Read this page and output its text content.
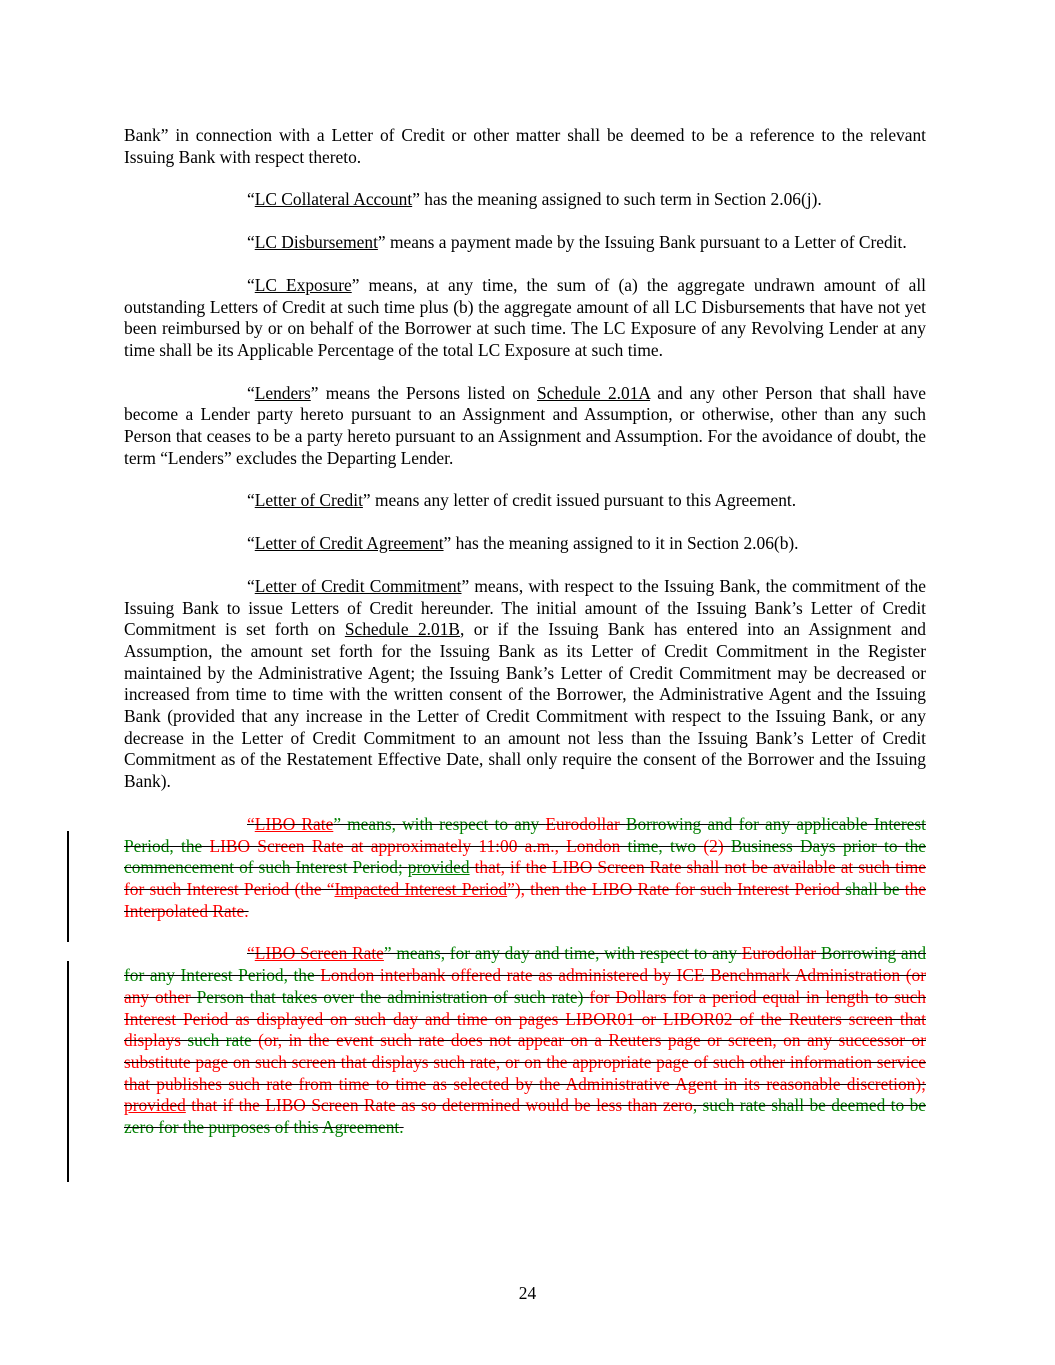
Bank” in connection with a Letter of Credit or other matter shall be deemed to be a reference to the relevant Issuing Bank with respect thereto.

“LC Collateral Account” has the meaning assigned to such term in Section 2.06(j).

“LC Disbursement” means a payment made by the Issuing Bank pursuant to a Letter of Credit.

“LC Exposure” means, at any time, the sum of (a) the aggregate undrawn amount of all outstanding Letters of Credit at such time plus (b) the aggregate amount of all LC Disbursements that have not yet been reimbursed by or on behalf of the Borrower at such time. The LC Exposure of any Revolving Lender at any time shall be its Applicable Percentage of the total LC Exposure at such time.

“Lenders” means the Persons listed on Schedule 2.01A and any other Person that shall have become a Lender party hereto pursuant to an Assignment and Assumption, or otherwise, other than any such Person that ceases to be a party hereto pursuant to an Assignment and Assumption. For the avoidance of doubt, the term “Lenders” excludes the Departing Lender.

“Letter of Credit” means any letter of credit issued pursuant to this Agreement.

“Letter of Credit Agreement” has the meaning assigned to it in Section 2.06(b).

“Letter of Credit Commitment” means, with respect to the Issuing Bank, the commitment of the Issuing Bank to issue Letters of Credit hereunder. The initial amount of the Issuing Bank’s Letter of Credit Commitment is set forth on Schedule 2.01B, or if the Issuing Bank has entered into an Assignment and Assumption, the amount set forth for the Issuing Bank as its Letter of Credit Commitment in the Register maintained by the Administrative Agent; the Issuing Bank’s Letter of Credit Commitment may be decreased or increased from time to time with the written consent of the Borrower, the Administrative Agent and the Issuing Bank (provided that any increase in the Letter of Credit Commitment with respect to the Issuing Bank, or any decrease in the Letter of Credit Commitment to an amount not less than the Issuing Bank’s Letter of Credit Commitment as of the Restatement Effective Date, shall only require the consent of the Borrower and the Issuing Bank).

“LIBO Rate” means, with respect to any Eurodollar Borrowing and for any applicable Interest Period, the LIBO Screen Rate at approximately 11:00 a.m., London time, two (2) Business Days prior to the commencement of such Interest Period; provided that, if the LIBO Screen Rate shall not be available at such time for such Interest Period (the “Impacted Interest Period”), then the LIBO Rate for such Interest Period shall be the Interpolated Rate.

“LIBO Screen Rate” means, for any day and time, with respect to any Eurodollar Borrowing and for any Interest Period, the London interbank offered rate as administered by ICE Benchmark Administration (or any other Person that takes over the administration of such rate) for Dollars for a period equal in length to such Interest Period as displayed on such day and time on pages LIBOR01 or LIBOR02 of the Reuters screen that displays such rate (or, in the event such rate does not appear on a Reuters page or screen, on any successor or substitute page on such screen that displays such rate, or on the appropriate page of such other information service that publishes such rate from time to time as selected by the Administrative Agent in its reasonable discretion); provided that if the LIBO Screen Rate as so determined would be less than zero, such rate shall be deemed to be zero for the purposes of this Agreement.

24
